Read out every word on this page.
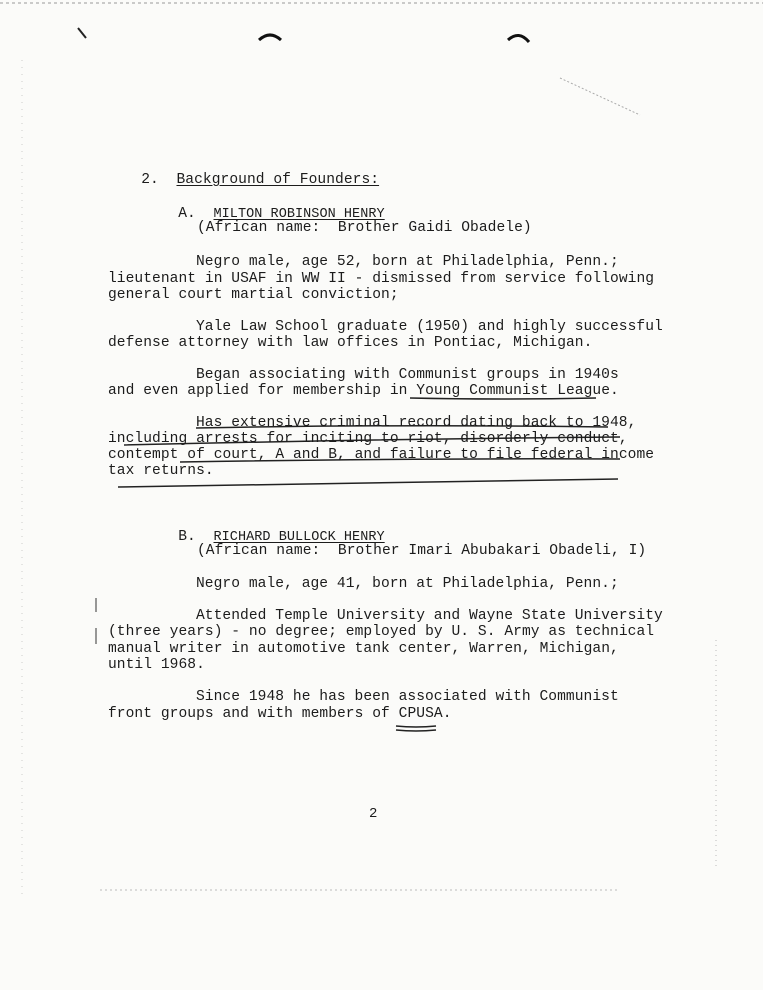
2. Background of Founders:

A. MILTON ROBINSON HENRY

(African name:  Brother Gaidi Obadele)
Negro male, age 52, born at Philadelphia, Penn.;
lieutenant in USAF in WW II - dismissed from service following
general court martial conviction;
Yale Law School graduate (1950) and highly successful
defense attorney with law offices in Pontiac, Michigan.
Began associating with Communist groups in 1940s
and even applied for membership in Young Communist League.
Has extensive criminal record dating back to 1948,
including arrests for inciting to riot, disorderly conduct,
contempt of court, A and B, and failure to file federal income
tax returns.

B. RICHARD BULLOCK HENRY

(African name:  Brother Imari Abubakari Obadeli, I)
Negro male, age 41, born at Philadelphia, Penn.;
Attended Temple University and Wayne State University
(three years) - no degree; employed by U. S. Army as technical
manual writer in automotive tank center, Warren, Michigan,
until 1968.
Since 1948 he has been associated with Communist
front groups and with members of CPUSA.
2
